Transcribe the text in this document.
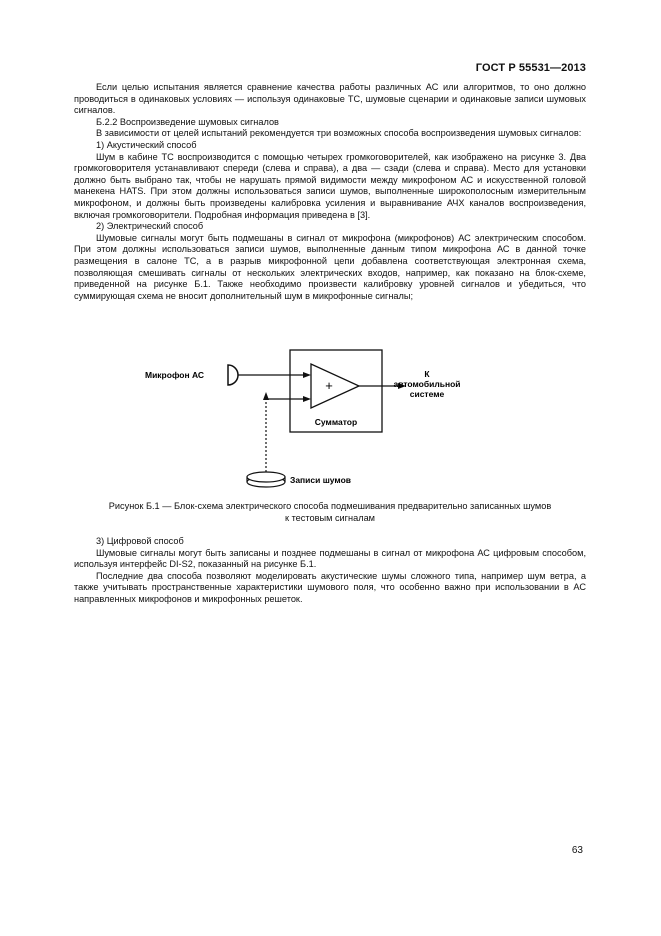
ГОСТ Р 55531—2013

Если целью испытания является сравнение качества работы различных АС или алгоритмов, то оно должно проводиться в одинаковых условиях — используя одинаковые ТС, шумовые сценарии и одинаковые записи шумовых сигналов.

Б.2.2 Воспроизведение шумовых сигналов

В зависимости от целей испытаний рекомендуется три возможных способа воспроизведения шумовых сигналов:

1) Акустический способ

Шум в кабине ТС воспроизводится с помощью четырех громкоговорителей, как изображено на рисунке 3. Два громкоговорителя устанавливают спереди (слева и справа), а два — сзади (слева и справа). Место для установки должно быть выбрано так, чтобы не нарушать прямой видимости между микрофоном АС и искусственной головой манекена HATS. При этом должны использоваться записи шумов, выполненные широкополосным измерительным микрофоном, и должны быть произведены калибровка усиления и выравнивание АЧХ каналов воспроизведения, включая громкоговорители. Подробная информация приведена в [3].

2) Электрический способ

Шумовые сигналы могут быть подмешаны в сигнал от микрофона (микрофонов) АС электрическим способом. При этом должны использоваться записи шумов, выполненные данным типом микрофона АС в данной точке размещения в салоне ТС, а в разрыв микрофонной цепи добавлена соответствующая электронная схема, позволяющая смешивать сигналы от нескольких электрических входов, например, как показано на блок-схеме, приведенной на рисунке Б.1. Также необходимо произвести калибровку уровней сигналов и убедиться, что суммирующая схема не вносит дополнительный шум в микрофонные сигналы;

+
Сумматор
Микрофон АС	К
автомобильной
системе
Записи шумов
Рисунок Б.1 — Блок-схема электрического способа подмешивания предварительно записанных шумов
к тестовым сигналам

3) Цифровой способ

Шумовые сигналы могут быть записаны и позднее подмешаны в сигнал от микрофона АС цифровым способом, используя интерфейс DI-S2, показанный на рисунке Б.1.

Последние два способа позволяют моделировать акустические шумы сложного типа, например шум ветра, а также учитывать пространственные характеристики шумового поля, что особенно важно при использовании в АС направленных микрофонов и микрофонных решеток.

63
